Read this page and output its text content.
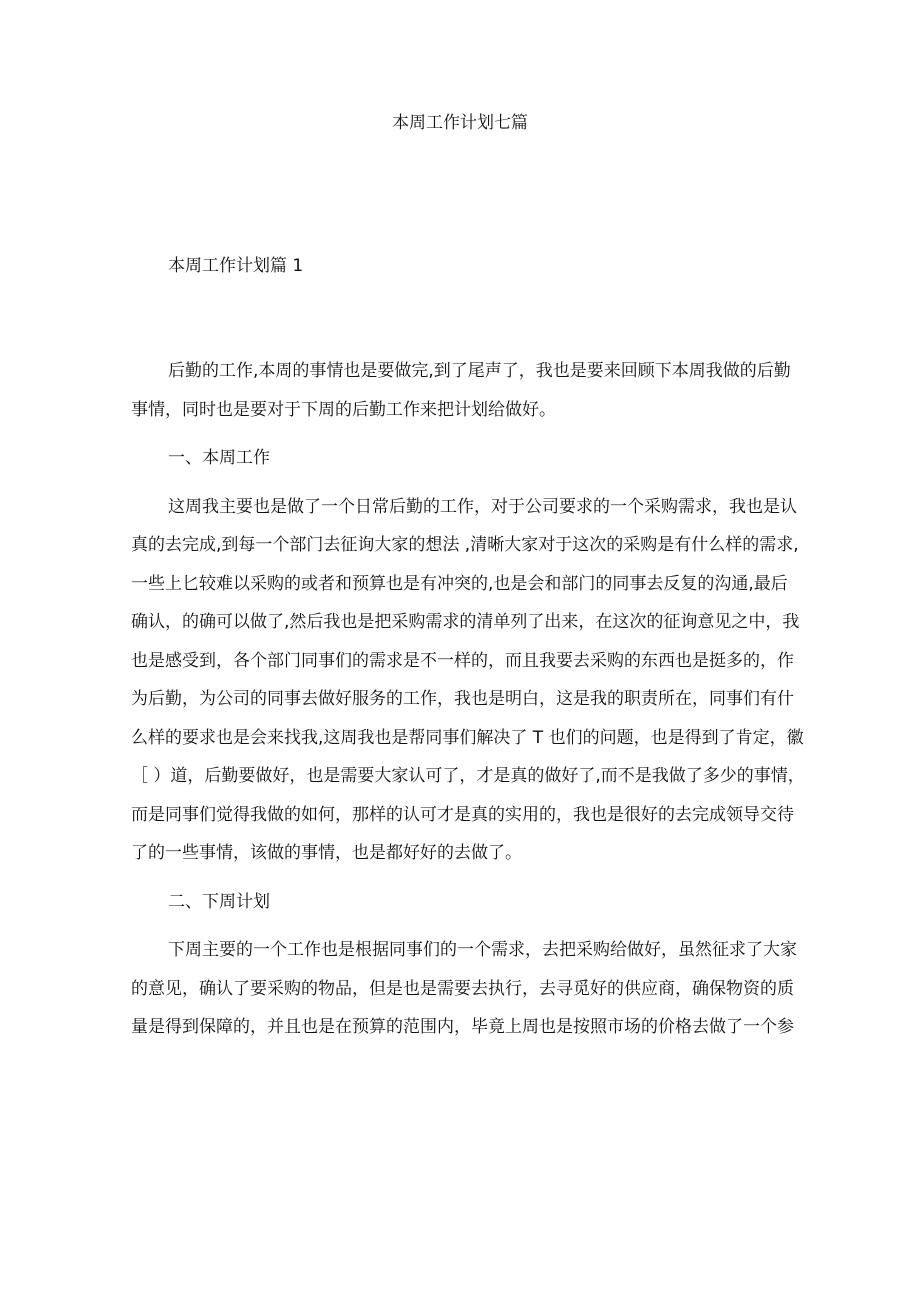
本周工作计划七篇
本周工作计划篇 1

后勤的工作,本周的事情也是要做完,到了尾声了，我也是要来回顾下本周我做的后勤
事情，同时也是要对于下周的后勤工作来把计划给做好。

一、本周工作

这周我主要也是做了一个日常后勤的工作，对于公司要求的一个采购需求，我也是认
真的去完成,到每一个部门去征询大家的想法 ,清晰大家对于这次的采购是有什么样的需求,
一些上匕较难以采购的或者和预算也是有冲突的,也是会和部门的同事去反复的沟通,最后
确认，的确可以做了,然后我也是把采购需求的清单列了出来，在这次的征询意见之中，我
也是感受到，各个部门同事们的需求是不一样的，而且我要去采购的东西也是挺多的，作
为后勤，为公司的同事去做好服务的工作，我也是明白，这是我的职责所在，同事们有什
么样的要求也是会来找我,这周我也是帮同事们解决了 T 也们的问题，也是得到了肯定，徽
［ ）道，后勤要做好，也是需要大家认可了，才是真的做好了,而不是我做了多少的事情，
而是同事们觉得我做的如何，那样的认可才是真的实用的，我也是很好的去完成领导交待
了的一些事情，该做的事情，也是都好好的去做了。

二、下周计划

下周主要的一个工作也是根据同事们的一个需求，去把采购给做好，虽然征求了大家
的意见，确认了要采购的物品，但是也是需要去执行，去寻觅好的供应商，确保物资的质
量是得到保障的，并且也是在预算的范围内，毕竟上周也是按照市场的价格去做了一个参
